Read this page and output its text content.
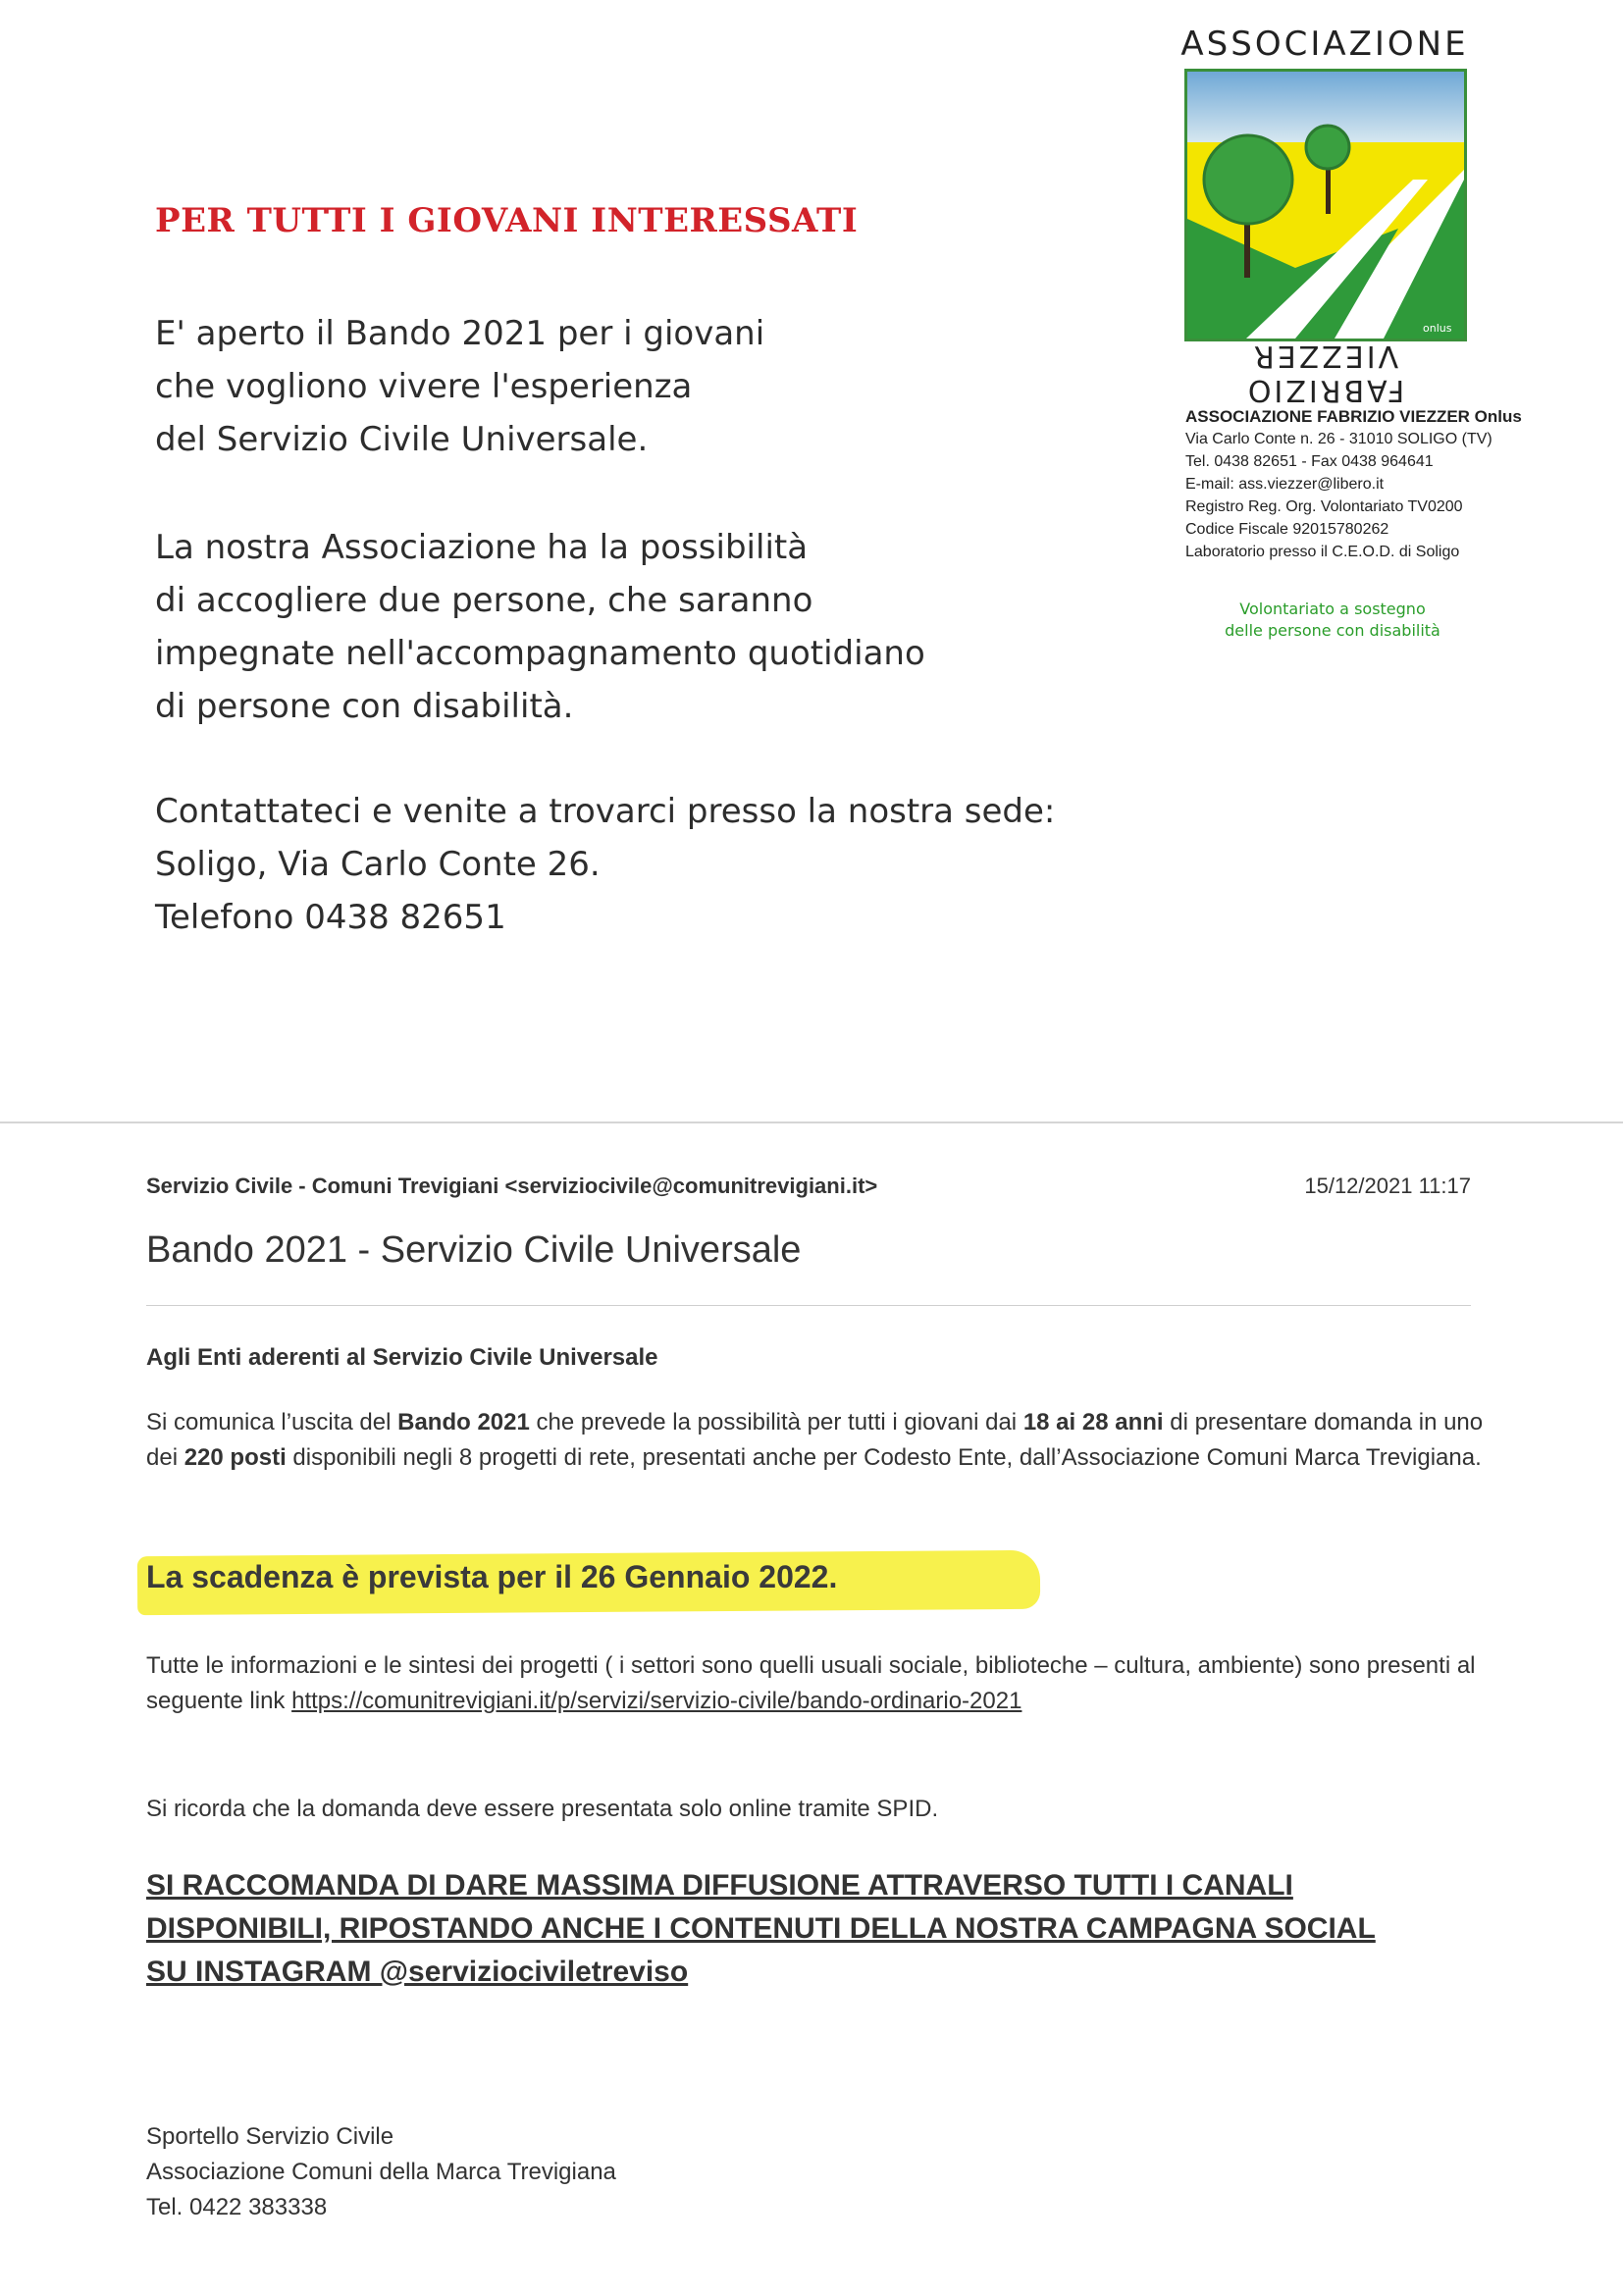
PER TUTTI I GIOVANI INTERESSATI
E' aperto il Bando 2021 per i giovani
che vogliono vivere l'esperienza
del Servizio Civile Universale.
La nostra Associazione ha la possibilità
di accogliere due persone, che saranno
impegnate nell'accompagnamento quotidiano
di persone con disabilità.
Contattateci e venite a trovarci presso la nostra sede:
Soligo, Via Carlo Conte 26.
Telefono 0438 82651
ASSOCIAZIONE
onlus
FABRIZIO VIEZZER
ASSOCIAZIONE FABRIZIO VIEZZER Onlus
Via Carlo Conte n. 26 - 31010 SOLIGO (TV)
Tel. 0438 82651 - Fax 0438 964641
E-mail: ass.viezzer@libero.it
Registro Reg. Org. Volontariato TV0200
Codice Fiscale 92015780262
Laboratorio presso il C.E.O.D. di Soligo
Volontariato a sostegno
delle persone con disabilità
Servizio Civile - Comuni Trevigiani <serviziocivile@comunitrevigiani.it>	15/12/2021 11:17
Bando 2021 - Servizio Civile Universale
Agli Enti aderenti al Servizio Civile Universale
Si comunica l’uscita del Bando 2021 che prevede la possibilità per tutti i giovani dai 18 ai 28 anni di presentare domanda in uno dei 220 posti disponibili negli 8 progetti di rete, presentati anche per Codesto Ente, dall’Associazione Comuni Marca Trevigiana.
La scadenza è prevista per il 26 Gennaio 2022.
Tutte le informazioni e le sintesi dei progetti ( i settori sono quelli usuali sociale, biblioteche – cultura, ambiente) sono presenti al seguente link https://comunitrevigiani.it/p/servizi/servizio-civile/bando-ordinario-2021
Si ricorda che la domanda deve essere presentata solo online tramite SPID.
SI RACCOMANDA DI DARE MASSIMA DIFFUSIONE ATTRAVERSO TUTTI I CANALI DISPONIBILI, RIPOSTANDO ANCHE I CONTENUTI DELLA NOSTRA CAMPAGNA SOCIAL SU INSTAGRAM @serviziociviletreviso
Sportello Servizio Civile
Associazione Comuni della Marca Trevigiana
Tel. 0422 383338
